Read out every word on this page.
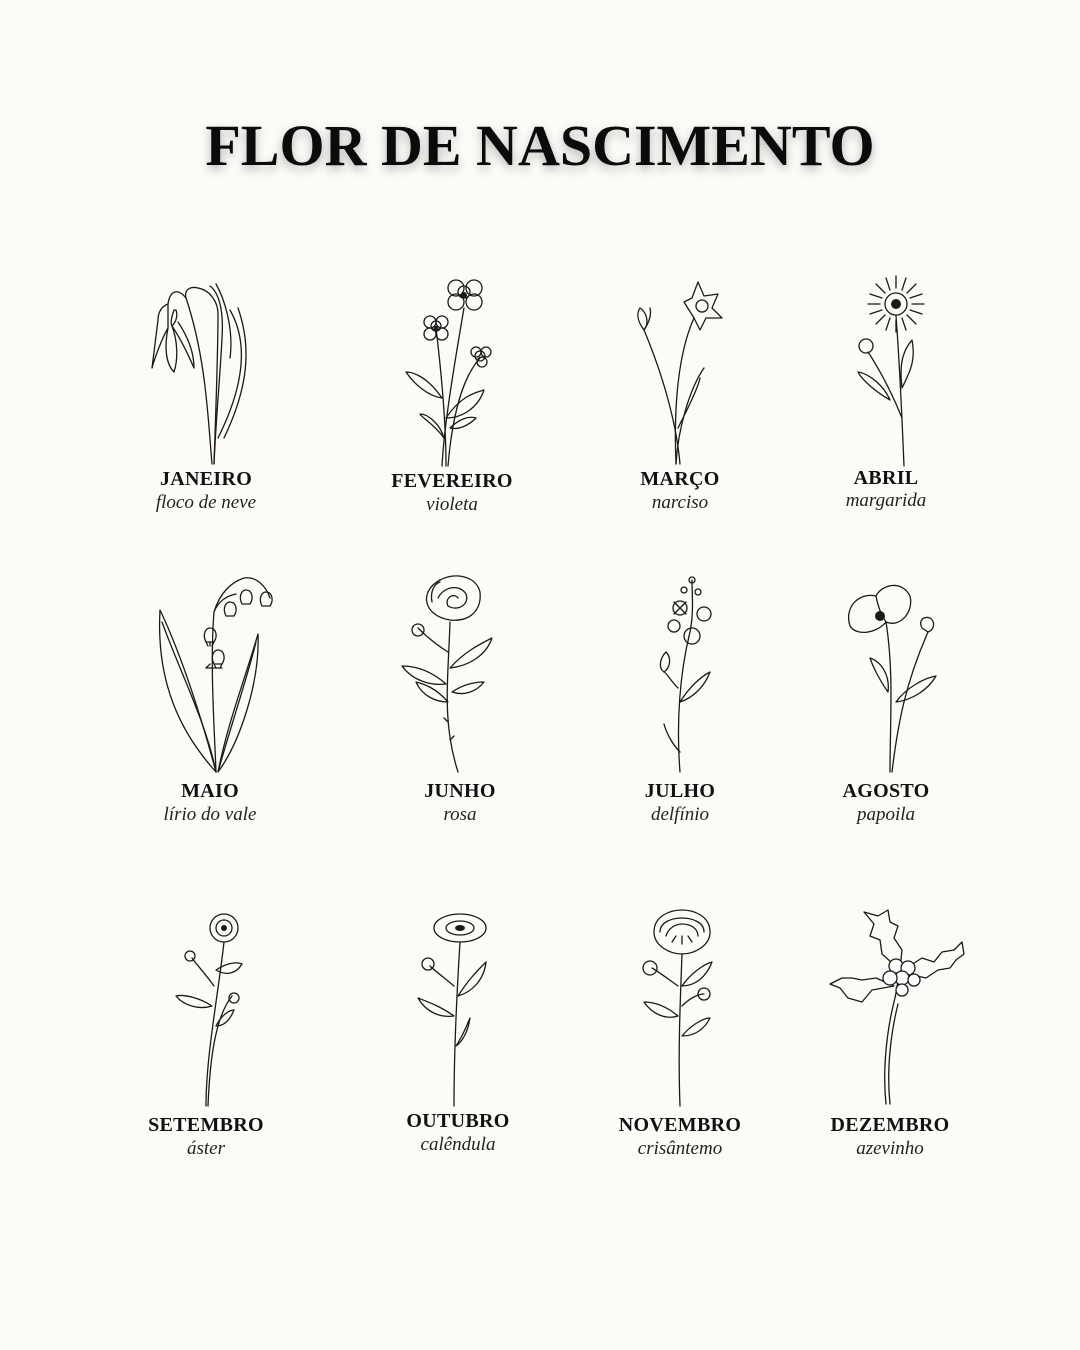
FLOR DE NASCIMENTO
JANEIRO
floco de neve
FEVEREIRO
violeta
MARÇO
narciso
ABRIL
margarida
MAIO
lírio do vale
JUNHO
rosa
JULHO
delfínio
AGOSTO
papoila
SETEMBRO
áster
OUTUBRO
calêndula
NOVEMBRO
crisântemo
DEZEMBRO
azevinho
